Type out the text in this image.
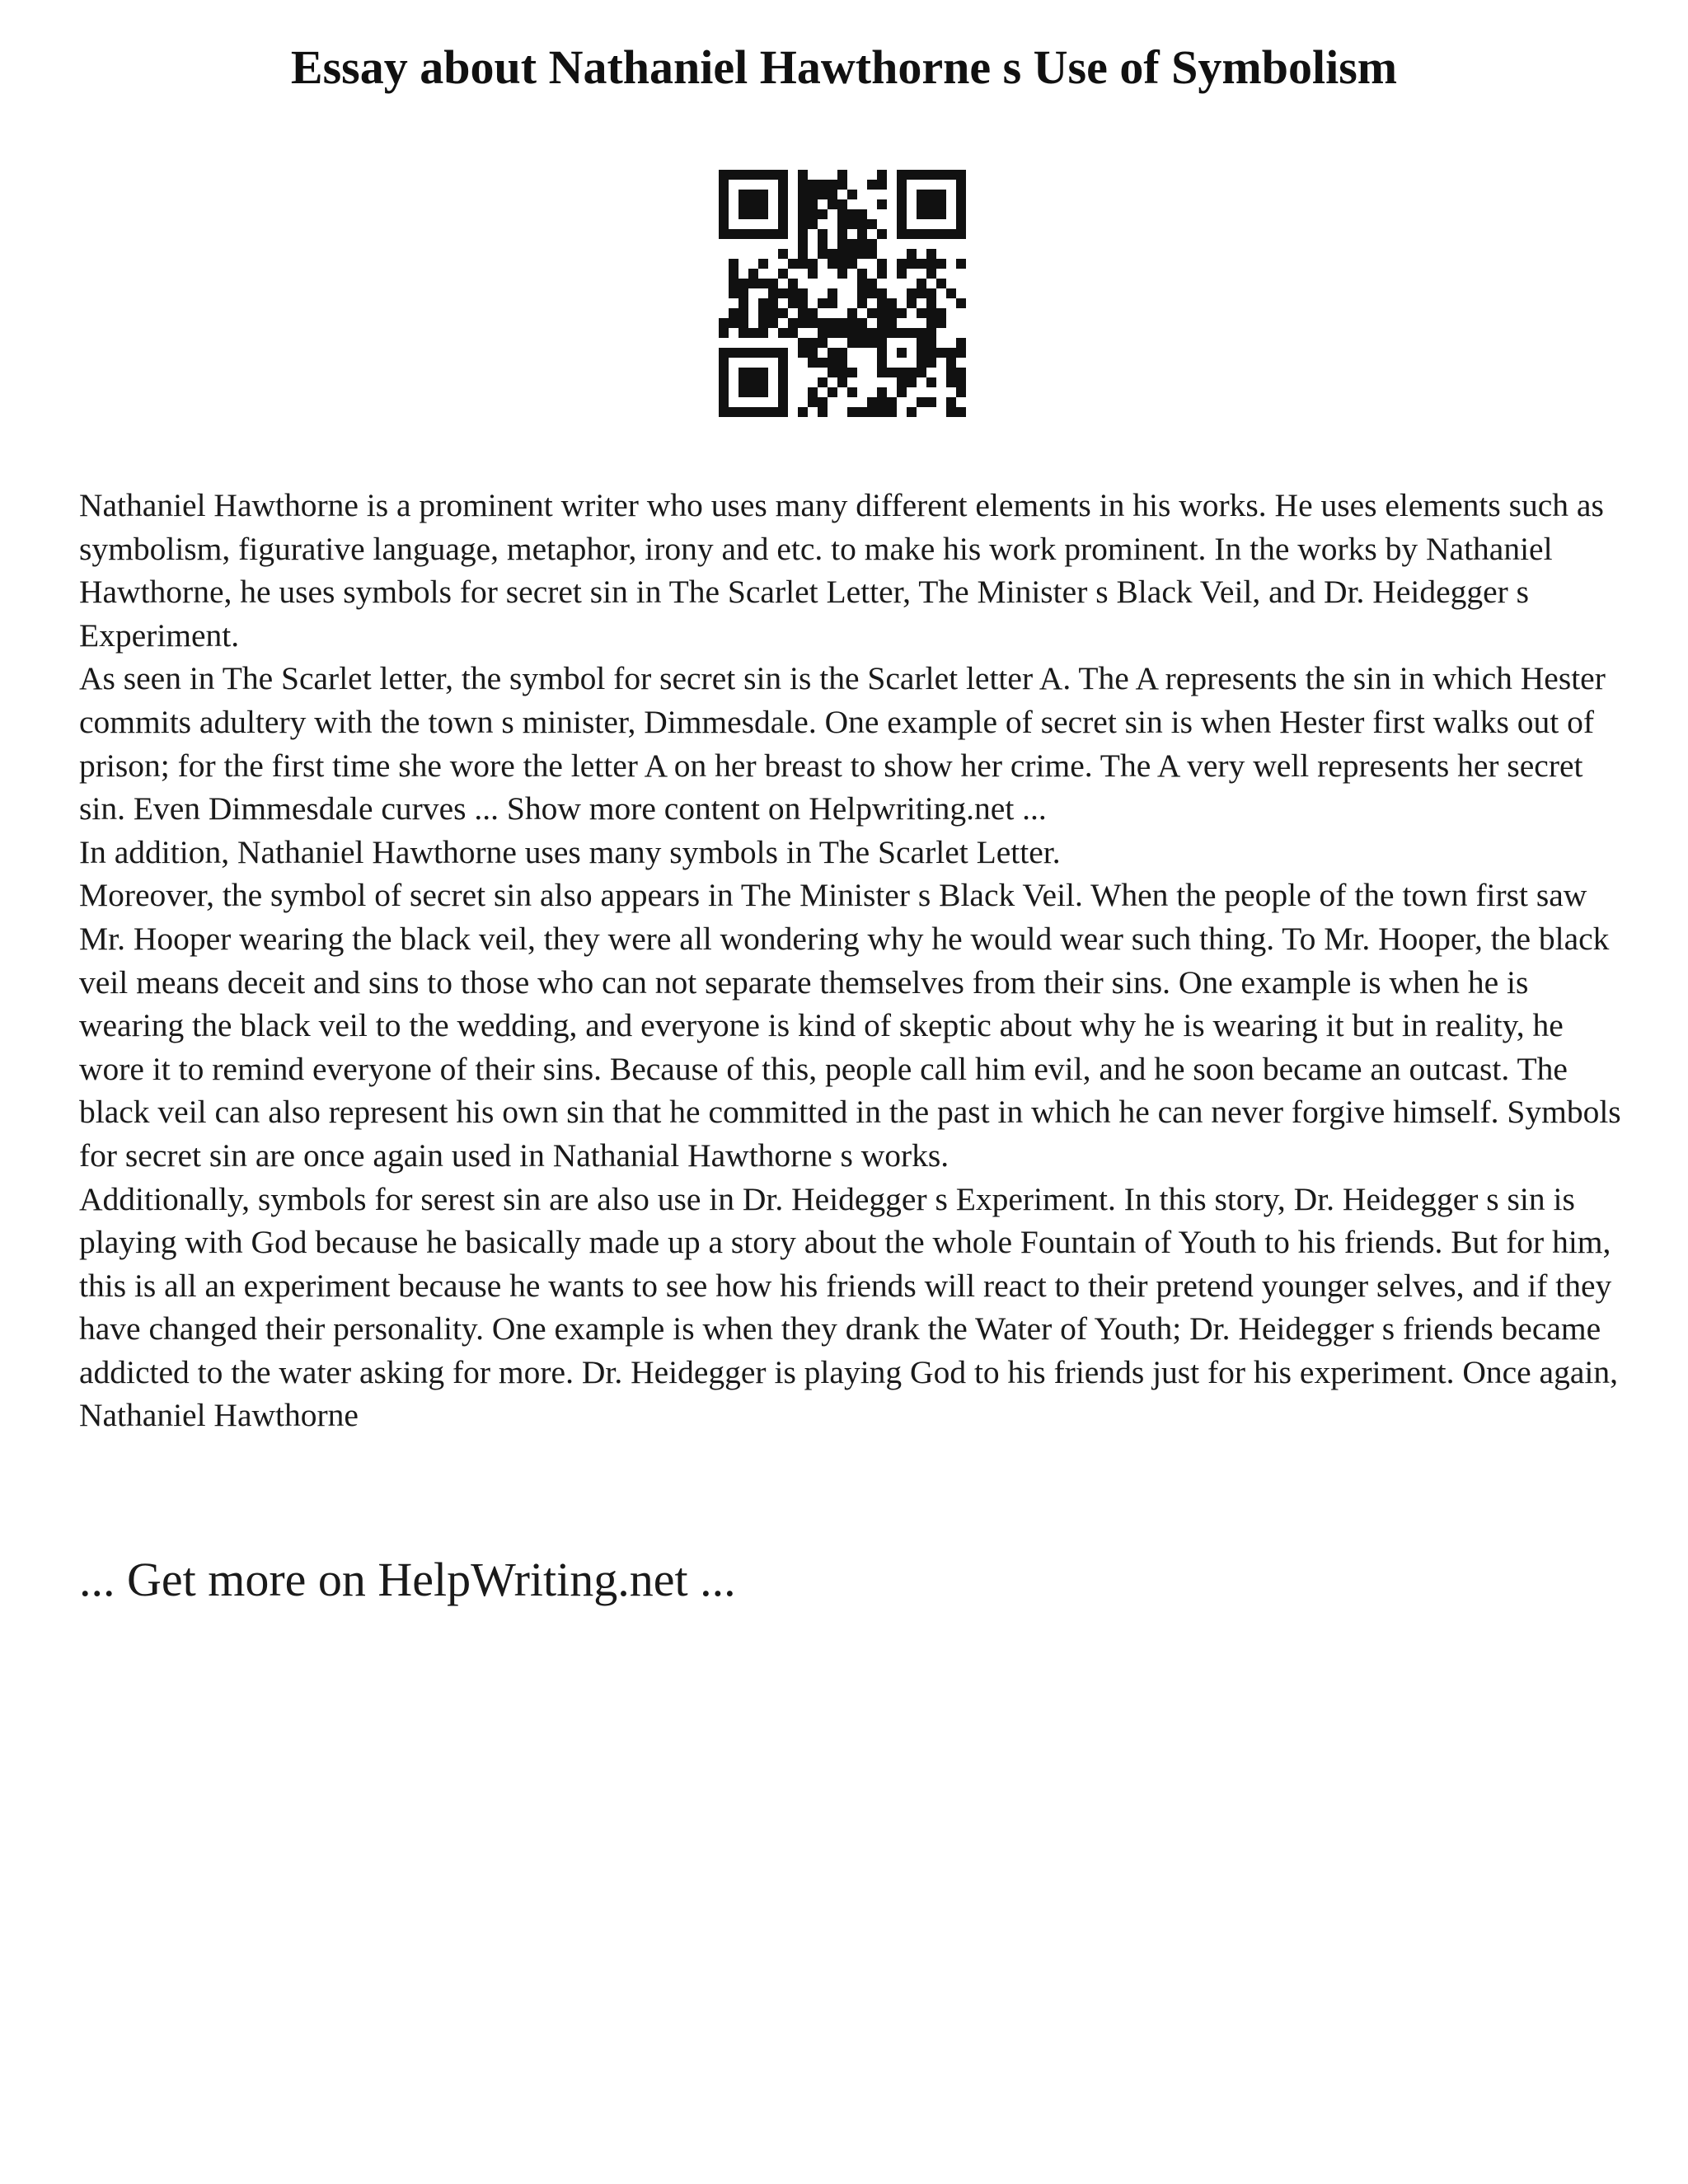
Essay about Nathaniel Hawthorne s Use of Symbolism

Nathaniel Hawthorne is a prominent writer who uses many different elements in his works. He uses elements such as symbolism, figurative language, metaphor, irony and etc. to make his work prominent. In the works by Nathaniel Hawthorne, he uses symbols for secret sin in The Scarlet Letter, The Minister s Black Veil, and Dr. Heidegger s Experiment.

As seen in The Scarlet letter, the symbol for secret sin is the Scarlet letter A. The A represents the sin in which Hester commits adultery with the town s minister, Dimmesdale. One example of secret sin is when Hester first walks out of prison; for the first time she wore the letter A on her breast to show her crime. The A very well represents her secret sin. Even Dimmesdale curves ... Show more content on Helpwriting.net ...

In addition, Nathaniel Hawthorne uses many symbols in The Scarlet Letter.

Moreover, the symbol of secret sin also appears in The Minister s Black Veil. When the people of the town first saw Mr. Hooper wearing the black veil, they were all wondering why he would wear such thing. To Mr. Hooper, the black veil means deceit and sins to those who can not separate themselves from their sins. One example is when he is wearing the black veil to the wedding, and everyone is kind of skeptic about why he is wearing it but in reality, he wore it to remind everyone of their sins. Because of this, people call him evil, and he soon became an outcast. The black veil can also represent his own sin that he committed in the past in which he can never forgive himself. Symbols for secret sin are once again used in Nathanial Hawthorne s works.

Additionally, symbols for serest sin are also use in Dr. Heidegger s Experiment. In this story, Dr. Heidegger s sin is playing with God because he basically made up a story about the whole Fountain of Youth to his friends. But for him, this is all an experiment because he wants to see how his friends will react to their pretend younger selves, and if they have changed their personality. One example is when they drank the Water of Youth; Dr. Heidegger s friends became addicted to the water asking for more. Dr. Heidegger is playing God to his friends just for his experiment. Once again, Nathaniel Hawthorne

... Get more on HelpWriting.net ...
